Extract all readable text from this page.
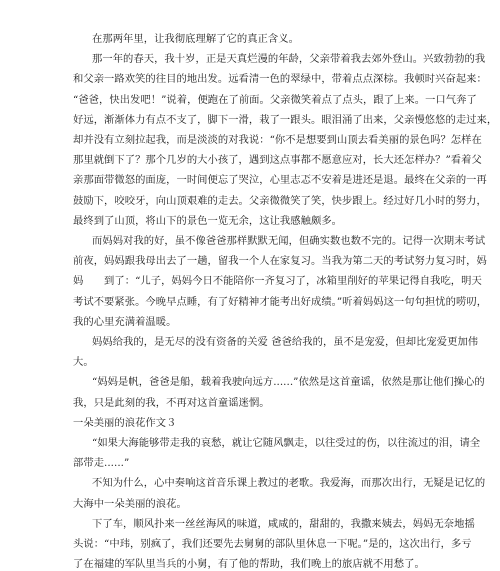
在那两年里，让我彻底理解了它的真正含义。
那一年的春天，我十岁，正是天真烂漫的年龄，父亲带着我去郊外登山。兴致勃勃的我
和父亲一路欢笑的往目的地出发。远看清一色的翠绿中，带着点点深棕。我顿时兴奋起来：
“爸爸，快出发吧！”说着，便跑在了前面。父亲微笑着点了点头，跟了上来。一口气奔了
好远，渐渐体力有点不支了，脚下一滑，栽了一跟头。眼泪涌了出来，父亲慢悠悠的走过来，
却并没有立刻拉起我，而是淡淡的对我说：“你不是想要到山顶去看美丽的景色吗？怎样在
那里就倒下了？那个几岁的大小孩了，遇到这点事都不愿意应对，长大还怎样办？”看着父
亲那面带微怒的面庞，一时间便忘了哭泣，心里志忑不安着是进还是退。最终在父亲的一再
鼓励下，咬咬牙，向山顶艰难的走去。父亲微微笑了笑，快步跟上。经过好几小时的努力，
最终到了山顶，将山下的景色一览无余，这让我感触颇多。
而妈妈对我的好，虽不像爸爸那样默默无闻，但确实数也数不完的。记得一次期末考试
前夜，妈妈跟我母出去了一趟，留我一个人在家复习。当我为第二天的考试努力复习时，妈
妈　　到了：“儿子，妈妈今日不能陪你一齐复习了，冰箱里削好的苹果记得自我吃，明天
考试不要紧张。今晚早点睡，有了好精神才能考出好成绩。”听着妈妈这一句句担忧的唠叨，
我的心里充满着温暖。
妈妈给我的，是无尽的没有资备的关爱 爸爸给我的，虽不是宠爱，但却比宠爱更加伟
大。
“妈妈是帆，爸爸是船，载着我驶向远方......”依然是这首童谣，依然是那让他们操心的
我，只是此刻的我，不再对这首童谣迷惘。
一朵美丽的浪花作文３
“如果大海能够带走我的哀愁，就让它随风飘走，以往受过的伤，以往流过的泪，请全
部带走......”
不知为什么，心中奏响这首音乐课上教过的老歌。我爱海，而那次出行，无疑是记忆的
大海中一朵美丽的浪花。
下了车，顺风扑来一丝丝海风的味道，咸咸的，甜甜的，我撒来姨去，妈妈无奈地摇
头说：“中玮，别疯了，我们还要先去舅舅的部队里休息一下呢。”是的，这次出行，多亏
了在福建的军队里当兵的小舅，有了他的帮助，我们晚上的旅店就不用愁了。
